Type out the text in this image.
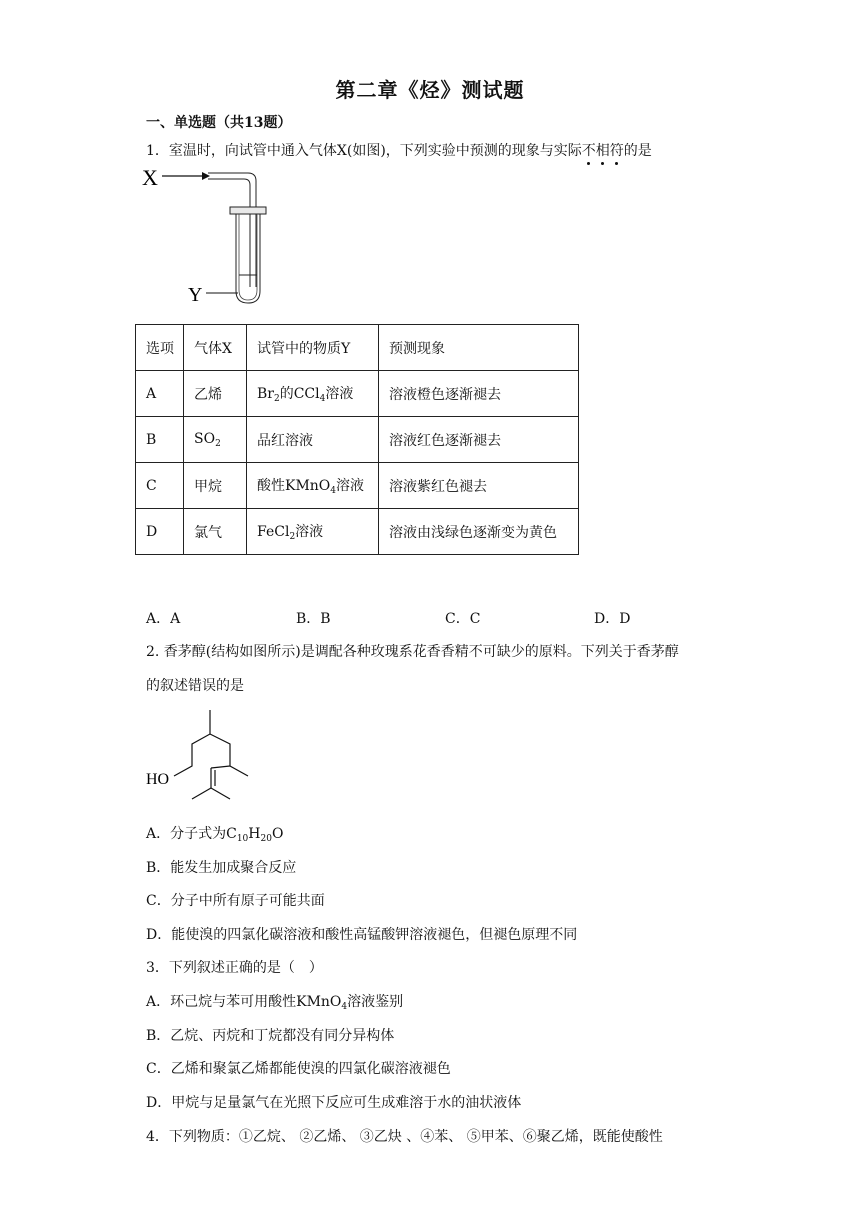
第二章《烃》测试题
一、单选题（共13题）
1．室温时，向试管中通入气体X(如图)，下列实验中预测的现象与实际不相符的是
X
Y
选项	气体X	试管中的物质Y	预测现象
A	乙烯	$Br_2$的CCl$_4$溶液	溶液橙色逐渐褪去
B	$SO_2$	品红溶液	溶液红色逐渐褪去
C	甲烷	酸性KMnO$_4$溶液	溶液紫红色褪去
D	氯气	FeCl$_2$溶液	溶液由浅绿色逐渐变为黄色
A．A	B．B	C．C	D．D
2. 香茅醇(结构如图所示)是调配各种玫瑰系花香香精不可缺少的原料。下列关于香茅醇
的叙述错误的是
HO
A．分子式为$C_{10}H_{20}O$
B．能发生加成聚合反应
C．分子中所有原子可能共面
D．能使溴的四氯化碳溶液和酸性高锰酸钾溶液褪色，但褪色原理不同
3．下列叙述正确的是（　）
A．环己烷与苯可用酸性KMnO$_4$溶液鉴别
B．乙烷、丙烷和丁烷都没有同分异构体
C．乙烯和聚氯乙烯都能使溴的四氯化碳溶液褪色
D．甲烷与足量氯气在光照下反应可生成难溶于水的油状液体
4．下列物质：①乙烷、 ②乙烯、 ③乙炔 、④苯、 ⑤甲苯、⑥聚乙烯，既能使酸性
